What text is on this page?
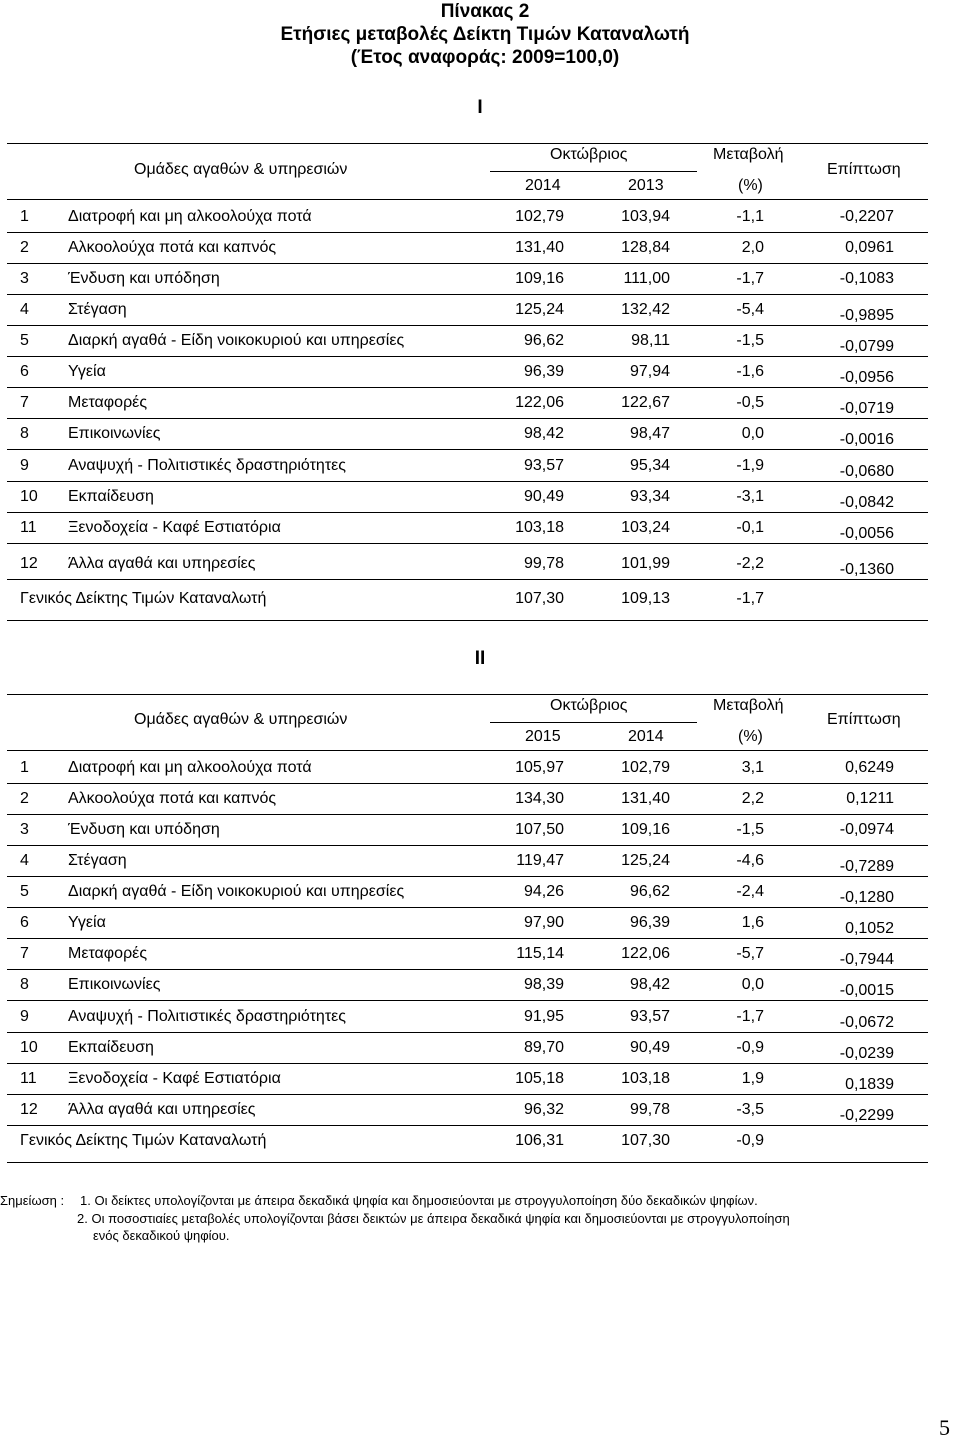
Πίνακας 2
Ετήσιες μεταβολές Δείκτη Τιμών Καταναλωτή
(Έτος αναφοράς: 2009=100,0)
I
Ομάδες αγαθών & υπηρεσιών
Οκτώβριος
2014	2013
Μεταβολή
(%)
Επίπτωση
1 Διατροφή και μη αλκοολούχα ποτά	102,79	103,94	-1,1	-0,2207
2 Αλκοολούχα ποτά και καπνός	131,40	128,84	2,0	0,0961
3 Ένδυση και υπόδηση	109,16	111,00	-1,7	-0,1083
4 Στέγαση	125,24	132,42	-5,4	-0,9895
5 Διαρκή αγαθά - Είδη νοικοκυριού και υπηρεσίες	96,62	98,11	-1,5	-0,0799
6 Υγεία	96,39	97,94	-1,6	-0,0956
7 Μεταφορές	122,06	122,67	-0,5	-0,0719
8 Επικοινωνίες	98,42	98,47	0,0	-0,0016
9 Αναψυχή - Πολιτιστικές δραστηριότητες	93,57	95,34	-1,9	-0,0680
10 Εκπαίδευση	90,49	93,34	-3,1	-0,0842
11 Ξενοδοχεία - Καφέ Εστιατόρια	103,18	103,24	-0,1	-0,0056
12 Άλλα αγαθά και υπηρεσίες	99,78	101,99	-2,2	-0,1360
Γενικός Δείκτης Τιμών Καταναλωτή	107,30	109,13	-1,7
II
Ομάδες αγαθών & υπηρεσιών
Οκτώβριος
2015	2014
Μεταβολή
(%)
Επίπτωση
1 Διατροφή και μη αλκοολούχα ποτά	105,97	102,79	3,1	0,6249
2 Αλκοολούχα ποτά και καπνός	134,30	131,40	2,2	0,1211
3 Ένδυση και υπόδηση	107,50	109,16	-1,5	-0,0974
4 Στέγαση	119,47	125,24	-4,6	-0,7289
5 Διαρκή αγαθά - Είδη νοικοκυριού και υπηρεσίες	94,26	96,62	-2,4	-0,1280
6 Υγεία	97,90	96,39	1,6	0,1052
7 Μεταφορές	115,14	122,06	-5,7	-0,7944
8 Επικοινωνίες	98,39	98,42	0,0	-0,0015
9 Αναψυχή - Πολιτιστικές δραστηριότητες	91,95	93,57	-1,7	-0,0672
10 Εκπαίδευση	89,70	90,49	-0,9	-0,0239
11 Ξενοδοχεία - Καφέ Εστιατόρια	105,18	103,18	1,9	0,1839
12 Άλλα αγαθά και υπηρεσίες	96,32	99,78	-3,5	-0,2299
Γενικός Δείκτης Τιμών Καταναλωτή	106,31	107,30	-0,9
Σημείωση : 1. Οι δείκτες υπολογίζονται με άπειρα δεκαδικά ψηφία και δημοσιεύονται με στρογγυλοποίηση δύο δεκαδικών ψηφίων.
2. Οι ποσοστιαίες μεταβολές υπολογίζονται βάσει δεικτών με άπειρα δεκαδικά ψηφία και δημοσιεύονται με στρογγυλοποίηση
ενός δεκαδικού ψηφίου.
5
